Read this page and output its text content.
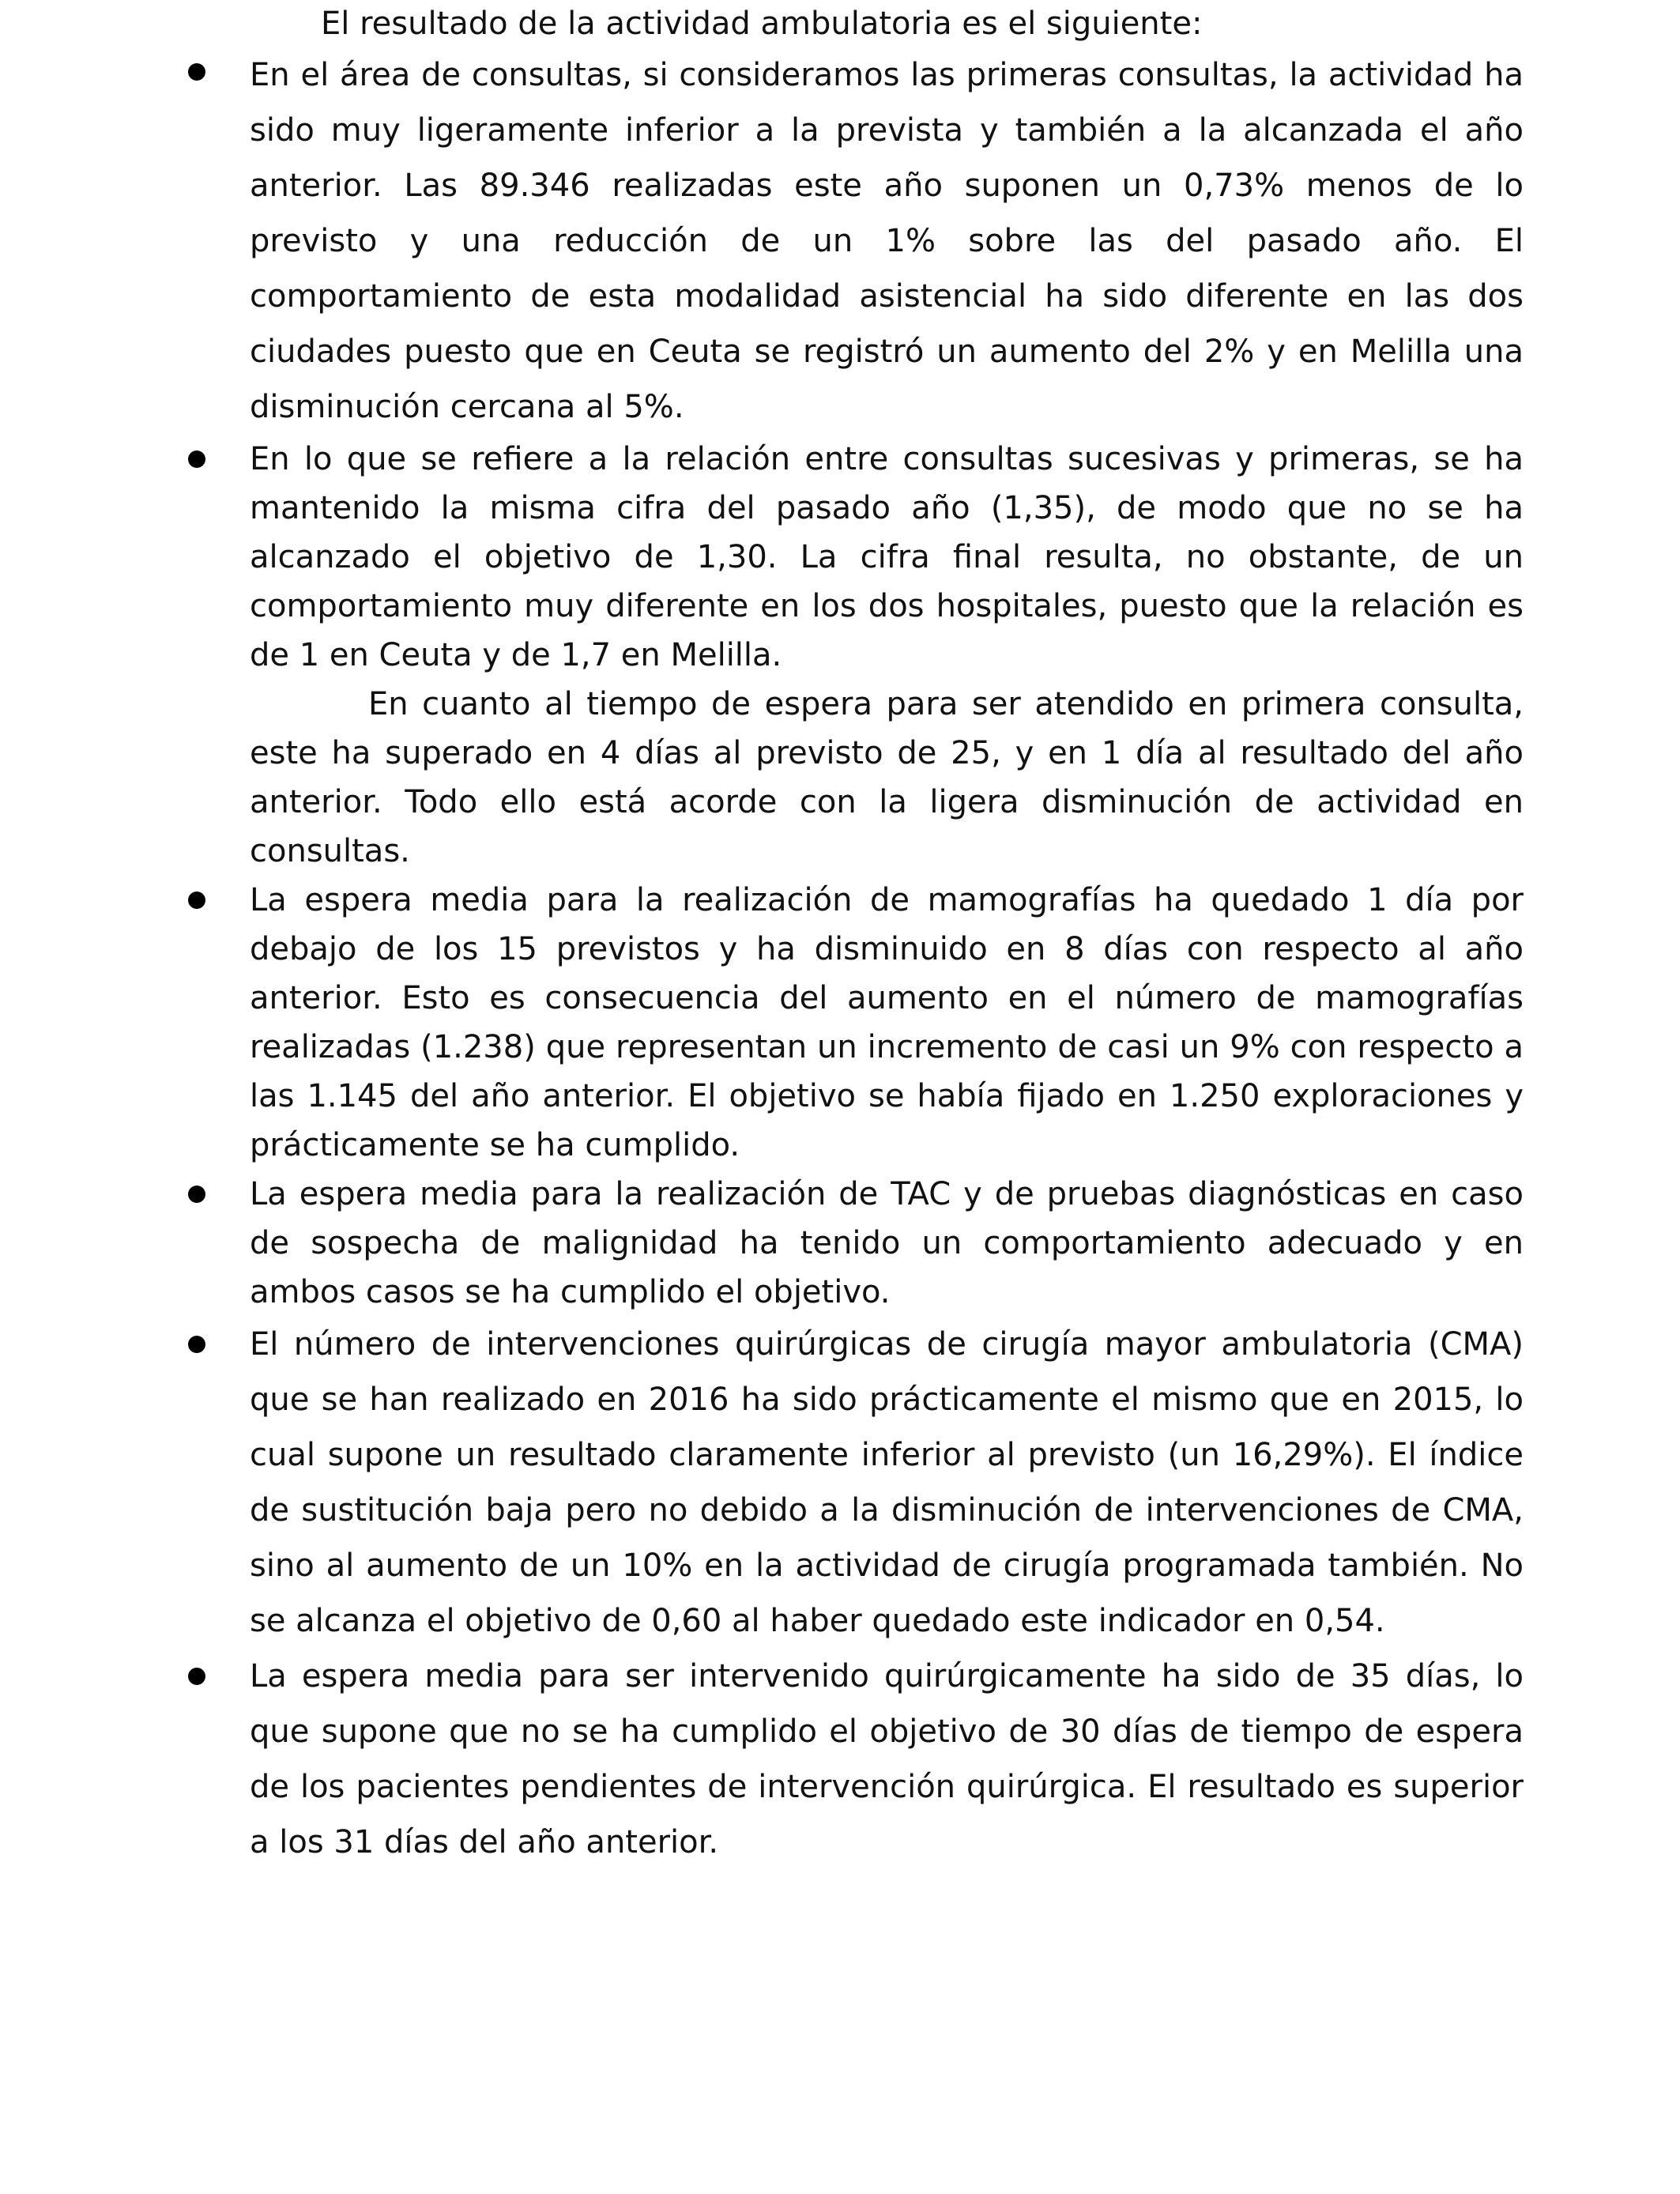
El resultado de la actividad ambulatoria es el siguiente:

En el área de consultas, si consideramos las primeras consultas, la actividad ha sido muy ligeramente inferior a la prevista y también a la alcanzada el año anterior. Las 89.346 realizadas este año suponen un 0,73% menos de lo previsto y una reducción de un 1% sobre las del pasado año. El comportamiento de esta modalidad asistencial ha sido diferente en las dos ciudades puesto que en Ceuta se registró un aumento del 2% y en Melilla una disminución cercana al 5%.

En lo que se refiere a la relación entre consultas sucesivas y primeras, se ha mantenido la misma cifra del pasado año (1,35), de modo que no se ha alcanzado el objetivo de 1,30. La cifra final resulta, no obstante, de un comportamiento muy diferente en los dos hospitales, puesto que la relación es de 1 en Ceuta y de 1,7 en Melilla.

En cuanto al tiempo de espera para ser atendido en primera consulta, este ha superado en 4 días al previsto de 25, y en 1 día al resultado del año anterior. Todo ello está acorde con la ligera disminución de actividad en consultas.

La espera media para la realización de mamografías ha quedado 1 día por debajo de los 15 previstos y ha disminuido en 8 días con respecto al año anterior. Esto es consecuencia del aumento en el número de mamografías realizadas (1.238) que representan un incremento de casi un 9% con respecto a las 1.145 del año anterior. El objetivo se había fijado en 1.250 exploraciones y prácticamente se ha cumplido.

La espera media para la realización de TAC y de pruebas diagnósticas en caso de sospecha de malignidad ha tenido un comportamiento adecuado y en ambos casos se ha cumplido el objetivo.

El número de intervenciones quirúrgicas de cirugía mayor ambulatoria (CMA) que se han realizado en 2016 ha sido prácticamente el mismo que en 2015, lo cual supone un resultado claramente inferior al previsto (un 16,29%). El índice de sustitución baja pero no debido a la disminución de intervenciones de CMA, sino al aumento de un 10% en la actividad de cirugía programada también. No se alcanza el objetivo de 0,60 al haber quedado este indicador en 0,54.

La espera media para ser intervenido quirúrgicamente ha sido de 35 días, lo que supone que no se ha cumplido el objetivo de 30 días de tiempo de espera de los pacientes pendientes de intervención quirúrgica. El resultado es superior a los 31 días del año anterior.
